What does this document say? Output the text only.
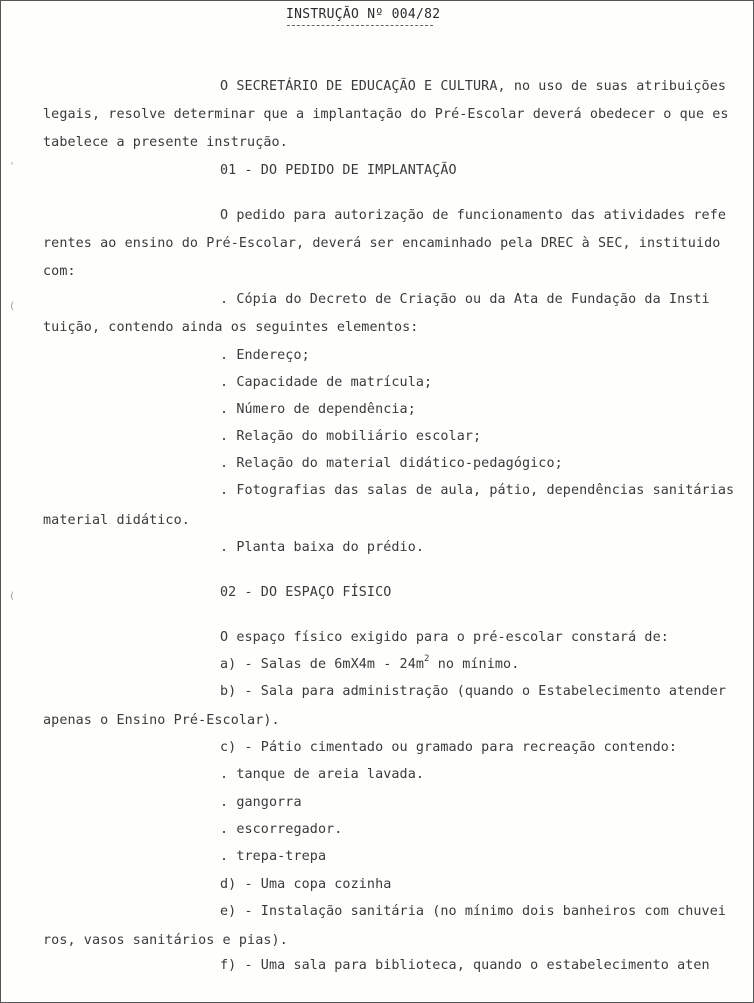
INSTRUÇÃO Nº 004/82
'
(
(
O SECRETÁRIO DE EDUCAÇÃO E CULTURA, no uso de suas atribuições
legais, resolve determinar que a implantação do Pré-Escolar deverá obedecer o que es
tabelece a presente instrução.
01 - DO PEDIDO DE IMPLANTAÇÃO
O pedido para autorização de funcionamento das atividades refe
rentes ao ensino do Pré-Escolar, deverá ser encaminhado pela DREC à SEC, instituido
com:
. Cópia do Decreto de Criação ou da Ata de Fundação da Insti
tuição, contendo ainda os seguintes elementos:
. Endereço;
. Capacidade de matrícula;
. Número de dependência;
. Relação do mobiliário escolar;
. Relação do material didático-pedagógico;
. Fotografias das salas de aula, pátio, dependências sanitárias
material didático.
. Planta baixa do prédio.
02 - DO ESPAÇO FÍSICO
O espaço físico exigido para o pré-escolar constará de:
a) - Salas de $6mX4m - 24m^2$ no mínimo.
b) - Sala para administração (quando o Estabelecimento atender
apenas o Ensino Pré-Escolar).
c) - Pátio cimentado ou gramado para recreação contendo:
. tanque de areia lavada.
. gangorra
. escorregador.
. trepa-trepa
d) - Uma copa cozinha
e) - Instalação sanitária (no mínimo dois banheiros com chuvei
ros, vasos sanitários e pias).
f) - Uma sala para biblioteca, quando o estabelecimento aten
